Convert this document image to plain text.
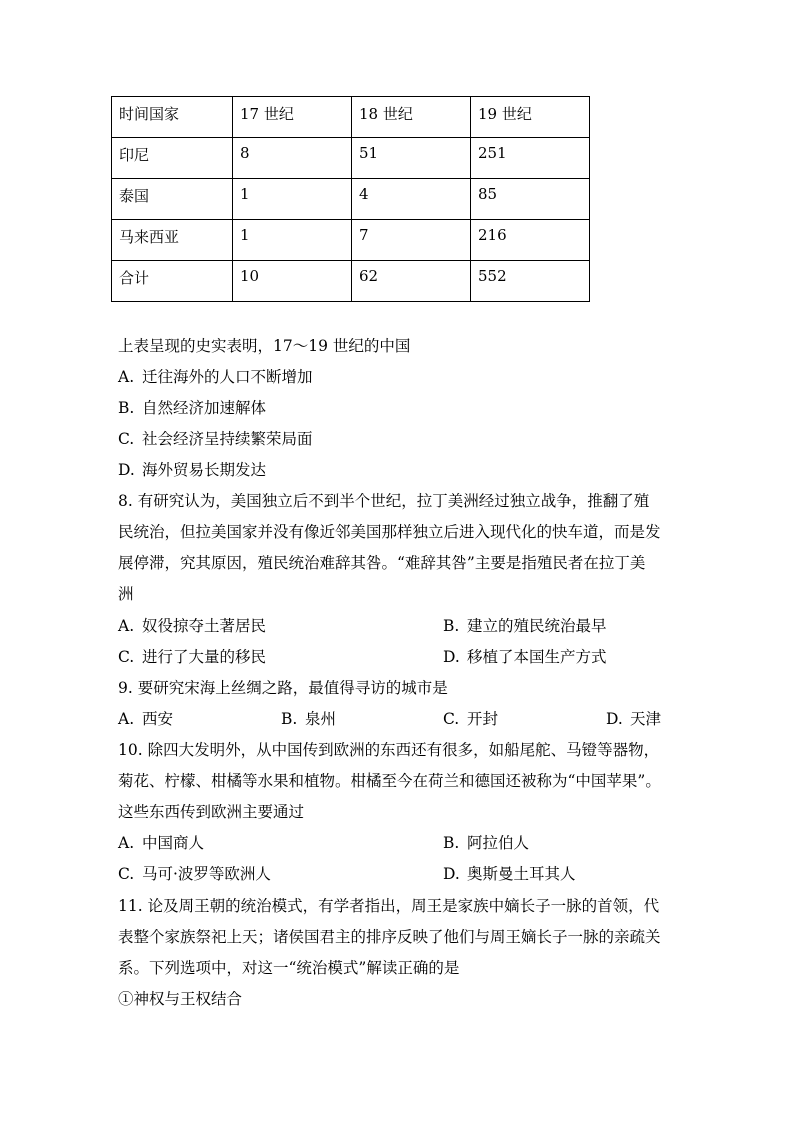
时间国家	17 世纪	18 世纪	19 世纪
印尼	8	51	251
泰国	1	4	85
马来西亚	1	7	216
合计	10	62	552
上表呈现的史实表明，17～19 世纪的中国
A. 迁往海外的人口不断增加
B. 自然经济加速解体
C. 社会经济呈持续繁荣局面
D. 海外贸易长期发达
8. 有研究认为，美国独立后不到半个世纪，拉丁美洲经过独立战争，推翻了殖
民统治，但拉美国家并没有像近邻美国那样独立后进入现代化的快车道，而是发
展停滞，究其原因，殖民统治难辞其咎。“难辞其咎”主要是指殖民者在拉丁美
洲
A. 奴役掠夺土著居民	B. 建立的殖民统治最早
C. 进行了大量的移民	D. 移植了本国生产方式
9. 要研究宋海上丝绸之路，最值得寻访的城市是
A. 西安	B. 泉州	C. 开封	D. 天津
10. 除四大发明外，从中国传到欧洲的东西还有很多，如船尾舵、马镫等器物，
菊花、柠檬、柑橘等水果和植物。柑橘至今在荷兰和德国还被称为“中国苹果”。
这些东西传到欧洲主要通过
A. 中国商人	B. 阿拉伯人
C. 马可·波罗等欧洲人	D. 奥斯曼土耳其人
11. 论及周王朝的统治模式，有学者指出，周王是家族中嫡长子一脉的首领，代
表整个家族祭祀上天；诸侯国君主的排序反映了他们与周王嫡长子一脉的亲疏关
系。下列选项中，对这一“统治模式”解读正确的是
①神权与王权结合
